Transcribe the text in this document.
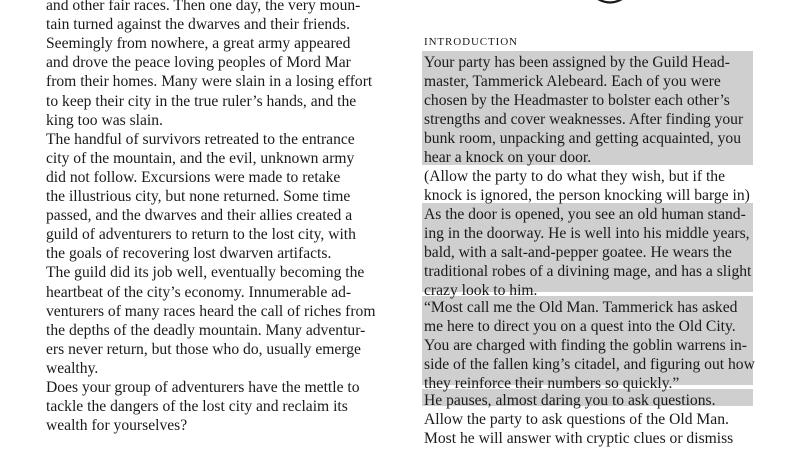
and other fair races. Then one day, the very moun-
tain turned against the dwarves and their friends.
Seemingly from nowhere, a great army appeared
and drove the peace loving peoples of Mord Mar
from their homes. Many were slain in a losing effort
to keep their city in the true ruler’s hands, and the
king too was slain.
The handful of survivors retreated to the entrance
city of the mountain, and the evil, unknown army
did not follow. Excursions were made to retake
the illustrious city, but none returned. Some time
passed, and the dwarves and their allies created a
guild of adventurers to return to the lost city, with
the goals of recovering lost dwarven artifacts.
The guild did its job well, eventually becoming the
heartbeat of the city’s economy. Innumerable ad-
venturers of many races heard the call of riches from
the depths of the deadly mountain. Many adventur-
ers never return, but those who do, usually emerge
wealthy.
Does your group of adventurers have the mettle to
tackle the dangers of the lost city and reclaim its
wealth for yourselves?
INTRODUCTION
Your party has been assigned by the Guild Head-
master, Tammerick Alebeard. Each of you were
chosen by the Headmaster to bolster each other’s
strengths and cover weaknesses. After finding your
bunk room, unpacking and getting acquainted, you
hear a knock on your door.
(Allow the party to do what they wish, but if the
knock is ignored, the person knocking will barge in)
As the door is opened, you see an old human stand-
ing in the doorway. He is well into his middle years,
bald, with a salt-and-pepper goatee. He wears the
traditional robes of a divining mage, and has a slight
crazy look to him.
“Most call me the Old Man. Tammerick has asked
me here to direct you on a quest into the Old City.
You are charged with finding the goblin warrens in-
side of the fallen king’s citadel, and figuring out how
they reinforce their numbers so quickly.”
He pauses, almost daring you to ask questions.
Allow the party to ask questions of the Old Man.
Most he will answer with cryptic clues or dismiss
